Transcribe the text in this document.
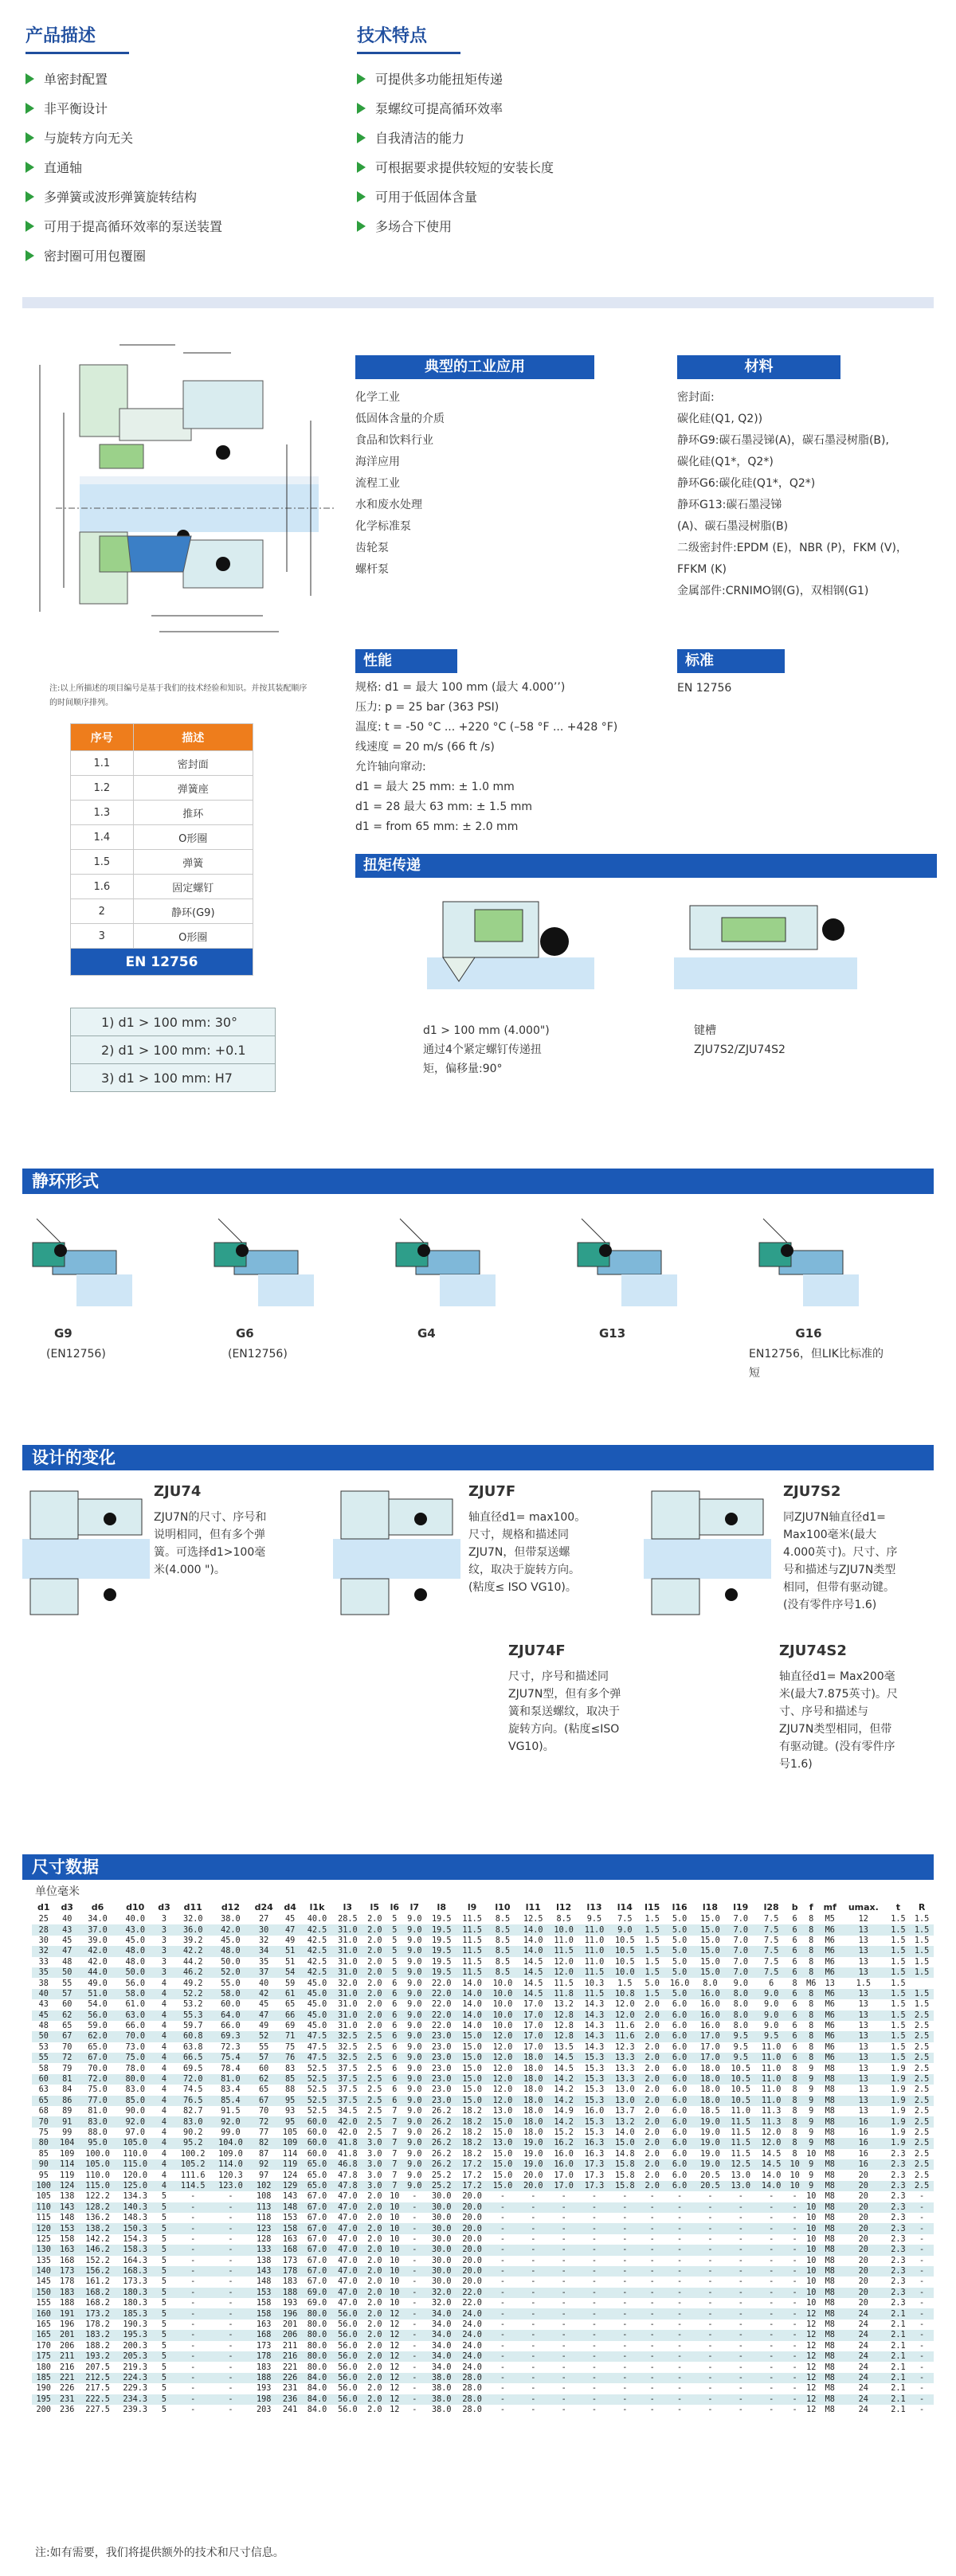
产品描述
单密封配置
非平衡设计
与旋转方向无关
直通轴
多弹簧或波形弹簧旋转结构
可用于提高循环效率的泵送装置
密封圈可用包覆圈
技术特点
可提供多功能扭矩传递
泵螺纹可提高循环效率
自我清洁的能力
可根据要求提供较短的安装长度
可用于低固体含量
多场合下使用
注:以上所描述的项目编号是基于我们的技术经验和知识。并按其装配顺序的时间顺序排列。
序号	描述
1.1	密封面
1.2	弹簧座
1.3	推环
1.4	O形圈
1.5	弹簧
1.6	固定螺钉
2	静环(G9)
3	O形圈
EN 12756	
1) d1 > 100 mm: 30°
2) d1 > 100 mm: +0.1
3) d1 > 100 mm: H7
典型的工业应用
化学工业
低固体含量的介质
食品和饮料行业
海洋应用
流程工业
水和废水处理
化学标准泵
齿轮泵
螺杆泵
材料
密封面:
碳化硅(Q1, Q2))
静环G9:碳石墨浸锑(A)，碳石墨浸树脂(B),
碳化硅(Q1*，Q2*)
静环G6:碳化硅(Q1*，Q2*)
静环G13:碳石墨浸锑
(A)、碳石墨浸树脂(B)
二级密封件:EPDM (E)，NBR (P)，FKM (V)，
FFKM (K)
金属部件:CRNIMO钢(G)，双相钢(G1)
性能
规格: d1 = 最大 100 mm (最大 4.000’’)
压力: p = 25 bar (363 PSI)
温度: t = -50 °C ... +220 °C (–58 °F ... +428 °F)
线速度 = 20 m/s (66 ft /s)
允许轴向窜动:
d1 = 最大 25 mm: ± 1.0 mm
d1 = 28 最大 63 mm: ± 1.5 mm
d1 = from 65 mm: ± 2.0 mm
标准
EN 12756
扭矩传递
d1 > 100 mm (4.000")
通过4个紧定螺钉传递扭
矩，偏移量:90°
键槽
ZJU7S2/ZJU74S2
静环形式
G9
(EN12756)
G6
(EN12756)
G4	G13	G16
EN12756，但LIK比标准的短
设计的变化
ZJU74
ZJU7N的尺寸、序号和说明相同，但有多个弹簧。可选择d1>100毫米(4.000 ")。
ZJU7F
轴直径d1= max100。尺寸，规格和描述同ZJU7N，但带泵送螺纹，取决于旋转方向。(粘度≤ ISO VG10)。
ZJU7S2
同ZJU7N轴直径d1= Max100毫米(最大4.000英寸)。尺寸、序号和描述与ZJU7N类型相同，但带有驱动键。(没有零件序号1.6)
ZJU74F
尺寸，序号和描述同ZJU7N型，但有多个弹簧和泵送螺纹，取决于旋转方向。(粘度≤ISO VG10)。
ZJU74S2
轴直径d1= Max200毫米(最大7.875英寸)。尺寸、序号和描述与ZJU7N类型相同，但带有驱动键。(没有零件序号1.6)
尺寸数据
单位毫米
d1	d3	d6	d10	d3	d11	d12	d24	d4	l1k	l3	l5	l6	l7	l8	l9	l10	l11	l12	l13	l14	l15	l16	l18	l19	l28	b	f	mf	umax.	t	R
25	40	34.0	40.0	3	32.0	38.0	27	45	40.0	28.5	2.0	5	9.0	19.5	11.5	8.5	12.5	8.5	9.5	7.5	1.5	5.0	15.0	7.0	7.5	6	8	M5	12	1.5	1.5
28	43	37.0	43.0	3	36.0	42.0	30	47	42.5	31.0	2.0	5	9.0	19.5	11.5	8.5	14.0	10.0	11.0	9.0	1.5	5.0	15.0	7.0	7.5	6	8	M6	13	1.5	1.5
30	45	39.0	45.0	3	39.2	45.0	32	49	42.5	31.0	2.0	5	9.0	19.5	11.5	8.5	14.0	11.0	11.0	10.5	1.5	5.0	15.0	7.0	7.5	6	8	M6	13	1.5	1.5
32	47	42.0	48.0	3	42.2	48.0	34	51	42.5	31.0	2.0	5	9.0	19.5	11.5	8.5	14.0	11.5	11.0	10.5	1.5	5.0	15.0	7.0	7.5	6	8	M6	13	1.5	1.5
33	48	42.0	48.0	3	44.2	50.0	35	51	42.5	31.0	2.0	5	9.0	19.5	11.5	8.5	14.5	12.0	11.0	10.5	1.5	5.0	15.0	7.0	7.5	6	8	M6	13	1.5	1.5
35	50	44.0	50.0	3	46.2	52.0	37	54	42.5	31.0	2.0	5	9.0	19.5	11.5	8.5	14.5	12.0	11.5	10.0	1.5	5.0	15.0	7.0	7.5	6	8	M6	13	1.5	1.5
38	55	49.0	56.0	4	49.2	55.0	40	59	45.0	32.0	2.0	6	9.0	22.0	14.0	10.0	14.5	11.5	10.3	1.5	5.0	16.0	8.0	9.0	6	8	M6	13	1.5	1.5	
40	57	51.0	58.0	4	52.2	58.0	42	61	45.0	31.0	2.0	6	9.0	22.0	14.0	10.0	14.5	11.8	11.5	10.8	1.5	5.0	16.0	8.0	9.0	6	8	M6	13	1.5	1.5
43	60	54.0	61.0	4	53.2	60.0	45	65	45.0	31.0	2.0	6	9.0	22.0	14.0	10.0	17.0	13.2	14.3	12.0	2.0	6.0	16.0	8.0	9.0	6	8	M6	13	1.5	1.5
45	62	56.0	63.0	4	55.3	64.0	47	66	45.0	31.0	2.0	6	9.0	22.0	14.0	10.0	17.0	12.8	14.3	12.0	2.0	6.0	16.0	8.0	9.0	6	8	M6	13	1.5	2.5
48	65	59.0	66.0	4	59.7	66.0	49	69	45.0	31.0	2.0	6	9.0	22.0	14.0	10.0	17.0	12.8	14.3	11.6	2.0	6.0	16.0	8.0	9.0	6	8	M6	13	1.5	2.5
50	67	62.0	70.0	4	60.8	69.3	52	71	47.5	32.5	2.5	6	9.0	23.0	15.0	12.0	17.0	12.8	14.3	11.6	2.0	6.0	17.0	9.5	9.5	6	8	M6	13	1.5	2.5
53	70	65.0	73.0	4	63.8	72.3	55	75	47.5	32.5	2.5	6	9.0	23.0	15.0	12.0	17.0	13.5	14.3	12.3	2.0	6.0	17.0	9.5	11.0	6	8	M6	13	1.5	2.5
55	72	67.0	75.0	4	66.5	75.4	57	76	47.5	32.5	2.5	6	9.0	23.0	15.0	12.0	18.0	14.5	15.3	13.3	2.0	6.0	17.0	9.5	11.0	6	8	M6	13	1.5	2.5
58	79	70.0	78.0	4	69.5	78.4	60	83	52.5	37.5	2.5	6	9.0	23.0	15.0	12.0	18.0	14.5	15.3	13.3	2.0	6.0	18.0	10.5	11.0	8	9	M8	13	1.9	2.5
60	81	72.0	80.0	4	72.0	81.0	62	85	52.5	37.5	2.5	6	9.0	23.0	15.0	12.0	18.0	14.2	15.3	13.3	2.0	6.0	18.0	10.5	11.0	8	9	M8	13	1.9	2.5
63	84	75.0	83.0	4	74.5	83.4	65	88	52.5	37.5	2.5	6	9.0	23.0	15.0	12.0	18.0	14.2	15.3	13.0	2.0	6.0	18.0	10.5	11.0	8	9	M8	13	1.9	2.5
65	86	77.0	85.0	4	76.5	85.4	67	95	52.5	37.5	2.5	6	9.0	23.0	15.0	12.0	18.0	14.2	15.3	13.0	2.0	6.0	18.0	10.5	11.0	8	9	M8	13	1.9	2.5
68	89	81.0	90.0	4	82.7	91.5	70	93	52.5	34.5	2.5	7	9.0	26.2	18.2	13.0	18.0	14.9	16.0	13.7	2.0	6.0	18.5	11.0	11.3	8	9	M8	13	1.9	2.5
70	91	83.0	92.0	4	83.0	92.0	72	95	60.0	42.0	2.5	7	9.0	26.2	18.2	15.0	18.0	14.2	15.3	13.2	2.0	6.0	19.0	11.5	11.3	8	9	M8	16	1.9	2.5
75	99	88.0	97.0	4	90.2	99.0	77	105	60.0	42.0	2.5	7	9.0	26.2	18.2	15.0	18.0	15.2	15.3	14.0	2.0	6.0	19.0	11.5	12.0	8	9	M8	16	1.9	2.5
80	104	95.0	105.0	4	95.2	104.0	82	109	60.0	41.8	3.0	7	9.0	26.2	18.2	13.0	19.0	16.2	16.3	15.0	2.0	6.0	19.0	11.5	12.0	8	9	M8	16	1.9	2.5
85	109	100.0	110.0	4	100.2	109.0	87	114	60.0	41.8	3.0	7	9.0	26.2	18.2	15.0	19.0	16.0	16.3	14.8	2.0	6.0	19.0	11.5	14.5	8	10	M8	16	2.3	2.5
90	114	105.0	115.0	4	105.2	114.0	92	119	65.0	46.8	3.0	7	9.0	26.2	17.2	15.0	19.0	16.0	17.3	15.8	2.0	6.0	19.0	12.5	14.5	10	9	M8	16	2.3	2.5
95	119	110.0	120.0	4	111.6	120.3	97	124	65.0	47.8	3.0	7	9.0	25.2	17.2	15.0	20.0	17.0	17.3	15.8	2.0	6.0	20.5	13.0	14.0	10	9	M8	20	2.3	2.5
100	124	115.0	125.0	4	114.5	123.0	102	129	65.0	47.8	3.0	7	9.0	25.2	17.2	15.0	20.0	17.0	17.3	15.8	2.0	6.0	20.5	13.0	14.0	10	9	M8	20	2.3	2.5
105	138	122.2	134.3	5	-	-	108	143	67.0	47.0	2.0	10	-	30.0	20.0	-	-	-	-	-	-	-	-	-	-	-	10	M8	20	2.3	-
110	143	128.2	140.3	5	-	-	113	148	67.0	47.0	2.0	10	-	30.0	20.0	-	-	-	-	-	-	-	-	-	-	-	10	M8	20	2.3	-
115	148	136.2	148.3	5	-	-	118	153	67.0	47.0	2.0	10	-	30.0	20.0	-	-	-	-	-	-	-	-	-	-	-	10	M8	20	2.3	-
120	153	138.2	150.3	5	-	-	123	158	67.0	47.0	2.0	10	-	30.0	20.0	-	-	-	-	-	-	-	-	-	-	-	10	M8	20	2.3	-
125	158	142.2	154.3	5	-	-	128	163	67.0	47.0	2.0	10	-	30.0	20.0	-	-	-	-	-	-	-	-	-	-	-	10	M8	20	2.3	-
130	163	146.2	158.3	5	-	-	133	168	67.0	47.0	2.0	10	-	30.0	20.0	-	-	-	-	-	-	-	-	-	-	-	10	M8	20	2.3	-
135	168	152.2	164.3	5	-	-	138	173	67.0	47.0	2.0	10	-	30.0	20.0	-	-	-	-	-	-	-	-	-	-	-	10	M8	20	2.3	-
140	173	156.2	168.3	5	-	-	143	178	67.0	47.0	2.0	10	-	30.0	20.0	-	-	-	-	-	-	-	-	-	-	-	10	M8	20	2.3	-
145	178	161.2	173.3	5	-	-	148	183	67.0	47.0	2.0	10	-	30.0	20.0	-	-	-	-	-	-	-	-	-	-	-	10	M8	20	2.3	-
150	183	168.2	180.3	5	-	-	153	188	69.0	47.0	2.0	10	-	32.0	22.0	-	-	-	-	-	-	-	-	-	-	-	10	M8	20	2.3	-
155	188	168.2	180.3	5	-	-	158	193	69.0	47.0	2.0	10	-	32.0	22.0	-	-	-	-	-	-	-	-	-	-	-	10	M8	20	2.3	-
160	191	173.2	185.3	5	-	-	158	196	80.0	56.0	2.0	12	-	34.0	24.0	-	-	-	-	-	-	-	-	-	-	-	12	M8	24	2.1	-
165	196	178.2	190.3	5	-	-	163	201	80.0	56.0	2.0	12	-	34.0	24.0	-	-	-	-	-	-	-	-	-	-	-	12	M8	24	2.1	-
165	201	183.2	195.3	5	-	-	168	206	80.0	56.0	2.0	12	-	34.0	24.0	-	-	-	-	-	-	-	-	-	-	-	12	M8	24	2.1	-
170	206	188.2	200.3	5	-	-	173	211	80.0	56.0	2.0	12	-	34.0	24.0	-	-	-	-	-	-	-	-	-	-	-	12	M8	24	2.1	-
175	211	193.2	205.3	5	-	-	178	216	80.0	56.0	2.0	12	-	34.0	24.0	-	-	-	-	-	-	-	-	-	-	-	12	M8	24	2.1	-
180	216	207.5	219.3	5	-	-	183	221	80.0	56.0	2.0	12	-	34.0	24.0	-	-	-	-	-	-	-	-	-	-	-	12	M8	24	2.1	-
185	221	212.5	224.3	5	-	-	188	226	84.0	56.0	2.0	12	-	38.0	28.0	-	-	-	-	-	-	-	-	-	-	-	12	M8	24	2.1	-
190	226	217.5	229.3	5	-	-	193	231	84.0	56.0	2.0	12	-	38.0	28.0	-	-	-	-	-	-	-	-	-	-	-	12	M8	24	2.1	-
195	231	222.5	234.3	5	-	-	198	236	84.0	56.0	2.0	12	-	38.0	28.0	-	-	-	-	-	-	-	-	-	-	-	12	M8	24	2.1	-
200	236	227.5	239.3	5	-	-	203	241	84.0	56.0	2.0	12	-	38.0	28.0	-	-	-	-	-	-	-	-	-	-	-	12	M8	24	2.1	-
注:如有需要，我们将提供额外的技术和尺寸信息。
